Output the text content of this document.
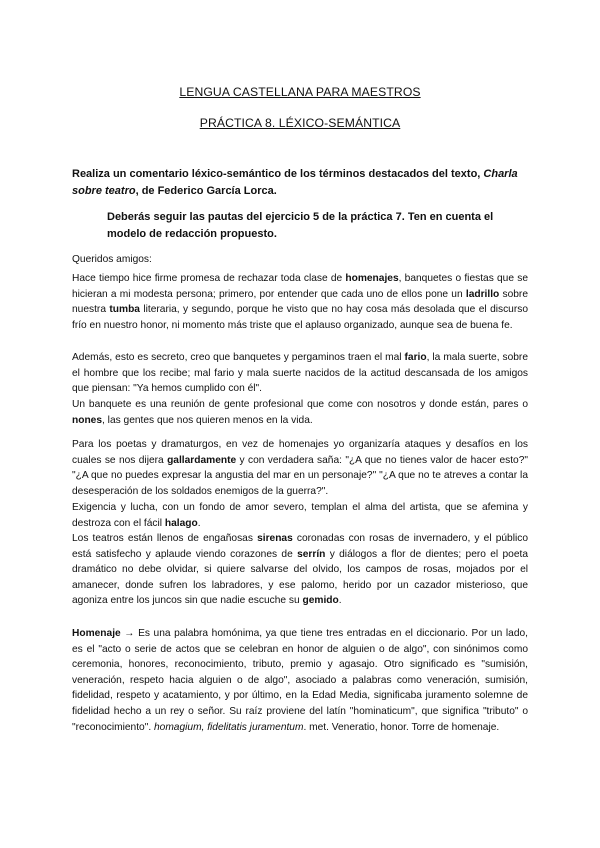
LENGUA CASTELLANA PARA MAESTROS
PRÁCTICA 8. LÉXICO-SEMÁNTICA
Realiza un comentario léxico-semántico de los términos destacados del texto, Charla sobre teatro, de Federico García Lorca.
Deberás seguir las pautas del ejercicio 5 de la práctica 7. Ten en cuenta el modelo de redacción propuesto.
Queridos amigos:
Hace tiempo hice firme promesa de rechazar toda clase de homenajes, banquetes o fiestas que se hicieran a mi modesta persona; primero, por entender que cada uno de ellos pone un ladrillo sobre nuestra tumba literaria, y segundo, porque he visto que no hay cosa más desolada que el discurso frío en nuestro honor, ni momento más triste que el aplauso organizado, aunque sea de buena fe.
Además, esto es secreto, creo que banquetes y pergaminos traen el mal fario, la mala suerte, sobre el hombre que los recibe; mal fario y mala suerte nacidos de la actitud descansada de los amigos que piensan: "Ya hemos cumplido con él".
Un banquete es una reunión de gente profesional que come con nosotros y donde están, pares o nones, las gentes que nos quieren menos en la vida.
Para los poetas y dramaturgos, en vez de homenajes yo organizaría ataques y desafíos en los cuales se nos dijera gallardamente y con verdadera saña: "¿A que no tienes valor de hacer esto?" "¿A que no puedes expresar la angustia del mar en un personaje?" "¿A que no te atreves a contar la desesperación de los soldados enemigos de la guerra?".
Exigencia y lucha, con un fondo de amor severo, templan el alma del artista, que se afemina y destroza con el fácil halago.
Los teatros están llenos de engañosas sirenas coronadas con rosas de invernadero, y el público está satisfecho y aplaude viendo corazones de serrín y diálogos a flor de dientes; pero el poeta dramático no debe olvidar, si quiere salvarse del olvido, los campos de rosas, mojados por el amanecer, donde sufren los labradores, y ese palomo, herido por un cazador misterioso, que agoniza entre los juncos sin que nadie escuche su gemido.
Homenaje → Es una palabra homónima, ya que tiene tres entradas en el diccionario. Por un lado, es el "acto o serie de actos que se celebran en honor de alguien o de algo", con sinónimos como ceremonia, honores, reconocimiento, tributo, premio y agasajo. Otro significado es "sumisión, veneración, respeto hacia alguien o de algo", asociado a palabras como veneración, sumisión, fidelidad, respeto y acatamiento, y por último, en la Edad Media, significaba juramento solemne de fidelidad hecho a un rey o señor. Su raíz proviene del latín "hominaticum", que significa "tributo" o "reconocimiento". homagium, fidelitatis juramentum. met. Veneratio, honor. Torre de homenaje.
